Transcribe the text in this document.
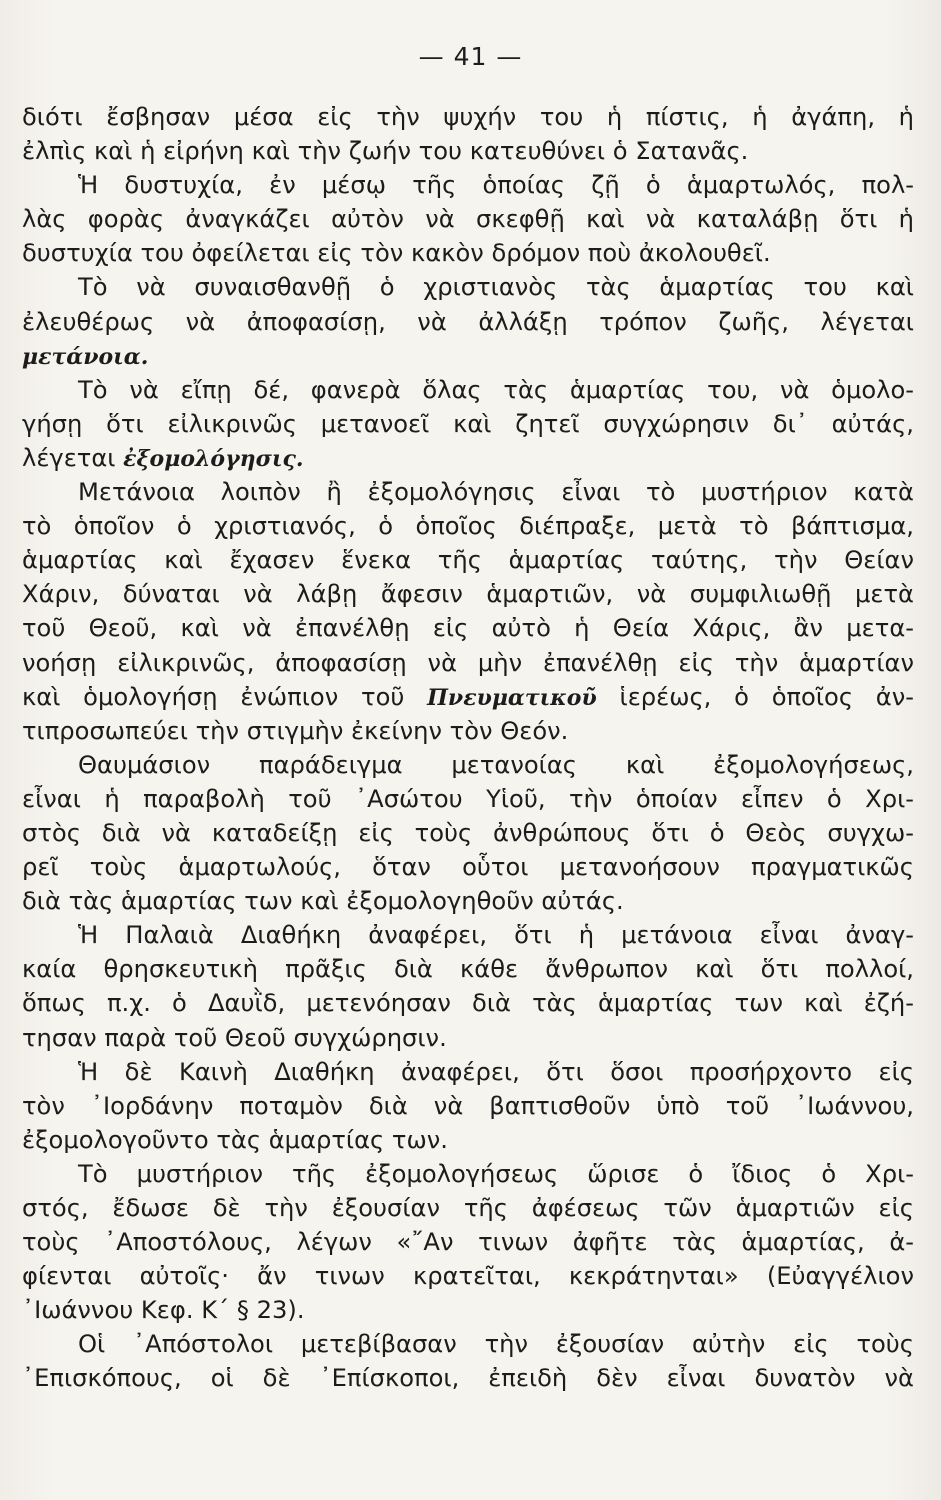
— 41 —
διότι ἔσβησαν μέσα εἰς τὴν ψυχήν του ἡ πίστις, ἡ ἀγάπη, ἡ
ἐλπὶς καὶ ἡ εἰρήνη καὶ τὴν ζωήν του κατευθύνει ὁ Σατανᾶς.
Ἡ δυστυχία, ἐν μέσῳ τῆς ὁποίας ζῇ ὁ ἁμαρτωλός, πολ-
λὰς φορὰς ἀναγκάζει αὐτὸν νὰ σκεφθῇ καὶ νὰ καταλάβῃ ὅτι ἡ
δυστυχία του ὀφείλεται εἰς τὸν κακὸν δρόμον ποὺ ἀκολουθεῖ.
Τὸ νὰ συναισθανθῇ ὁ χριστιανὸς τὰς ἁμαρτίας του καὶ
ἐλευθέρως νὰ ἀποφασίσῃ, νὰ ἀλλάξῃ τρόπον ζωῆς, λέγεται
μετάνοια.
Τὸ νὰ εἴπῃ δέ, φανερὰ ὅλας τὰς ἁμαρτίας του, νὰ ὁμολο-
γήσῃ ὅτι εἰλικρινῶς μετανοεῖ καὶ ζητεῖ συγχώρησιν δι᾿ αὐτάς,
λέγεται ἐξομολόγησις.
Μετάνοια λοιπὸν ἢ ἐξομολόγησις εἶναι τὸ μυστήριον κατὰ
τὸ ὁποῖον ὁ χριστιανός, ὁ ὁποῖος διέπραξε, μετὰ τὸ βάπτισμα,
ἁμαρτίας καὶ ἔχασεν ἕνεκα τῆς ἁμαρτίας ταύτης, τὴν Θείαν
Χάριν, δύναται νὰ λάβῃ ἄφεσιν ἁμαρτιῶν, νὰ συμφιλιωθῇ μετὰ
τοῦ Θεοῦ, καὶ νὰ ἐπανέλθῃ εἰς αὐτὸ ἡ Θεία Χάρις, ἂν μετα-
νοήσῃ εἰλικρινῶς, ἀποφασίσῃ νὰ μὴν ἐπανέλθῃ εἰς τὴν ἁμαρτίαν
καὶ ὁμολογήσῃ ἐνώπιον τοῦ Πνευματικοῦ ἱερέως, ὁ ὁποῖος ἀν-
τιπροσωπεύει τὴν στιγμὴν ἐκείνην τὸν Θεόν.
Θαυμάσιον παράδειγμα μετανοίας καὶ ἐξομολογήσεως,
εἶναι ἡ παραβολὴ τοῦ ᾿Ασώτου Υἱοῦ, τὴν ὁποίαν εἶπεν ὁ Χρι-
στὸς διὰ νὰ καταδείξῃ εἰς τοὺς ἀνθρώπους ὅτι ὁ Θεὸς συγχω-
ρεῖ τοὺς ἁμαρτωλούς, ὅταν οὗτοι μετανοήσουν πραγματικῶς
διὰ τὰς ἁμαρτίας των καὶ ἐξομολογηθοῦν αὐτάς.
Ἡ Παλαιὰ Διαθήκη ἀναφέρει, ὅτι ἡ μετάνοια εἶναι ἀναγ-
καία θρησκευτικὴ πρᾶξις διὰ κάθε ἄνθρωπον καὶ ὅτι πολλοί,
ὅπως π.χ. ὁ Δαυῒδ, μετενόησαν διὰ τὰς ἁμαρτίας των καὶ ἐζή-
τησαν παρὰ τοῦ Θεοῦ συγχώρησιν.
Ἡ δὲ Καινὴ Διαθήκη ἀναφέρει, ὅτι ὅσοι προσήρχοντο εἰς
τὸν ᾿Ιορδάνην ποταμὸν διὰ νὰ βαπτισθοῦν ὑπὸ τοῦ ᾿Ιωάννου,
ἐξομολογοῦντο τὰς ἁμαρτίας των.
Τὸ μυστήριον τῆς ἐξομολογήσεως ὥρισε ὁ ἴδιος ὁ Χρι-
στός, ἔδωσε δὲ τὴν ἐξουσίαν τῆς ἀφέσεως τῶν ἁμαρτιῶν εἰς
τοὺς ᾿Αποστόλους, λέγων «῎Αν τινων ἀφῆτε τὰς ἁμαρτίας, ἀ-
φίενται αὐτοῖς· ἄν τινων κρατεῖται, κεκράτηνται» (Εὐαγγέλιον
᾿Ιωάννου Κεφ. Κ΄ § 23).
Οἱ ᾿Απόστολοι μετεβίβασαν τὴν ἐξουσίαν αὐτὴν εἰς τοὺς
᾿Επισκόπους, οἱ δὲ ᾿Επίσκοποι, ἐπειδὴ δὲν εἶναι δυνατὸν νὰ
